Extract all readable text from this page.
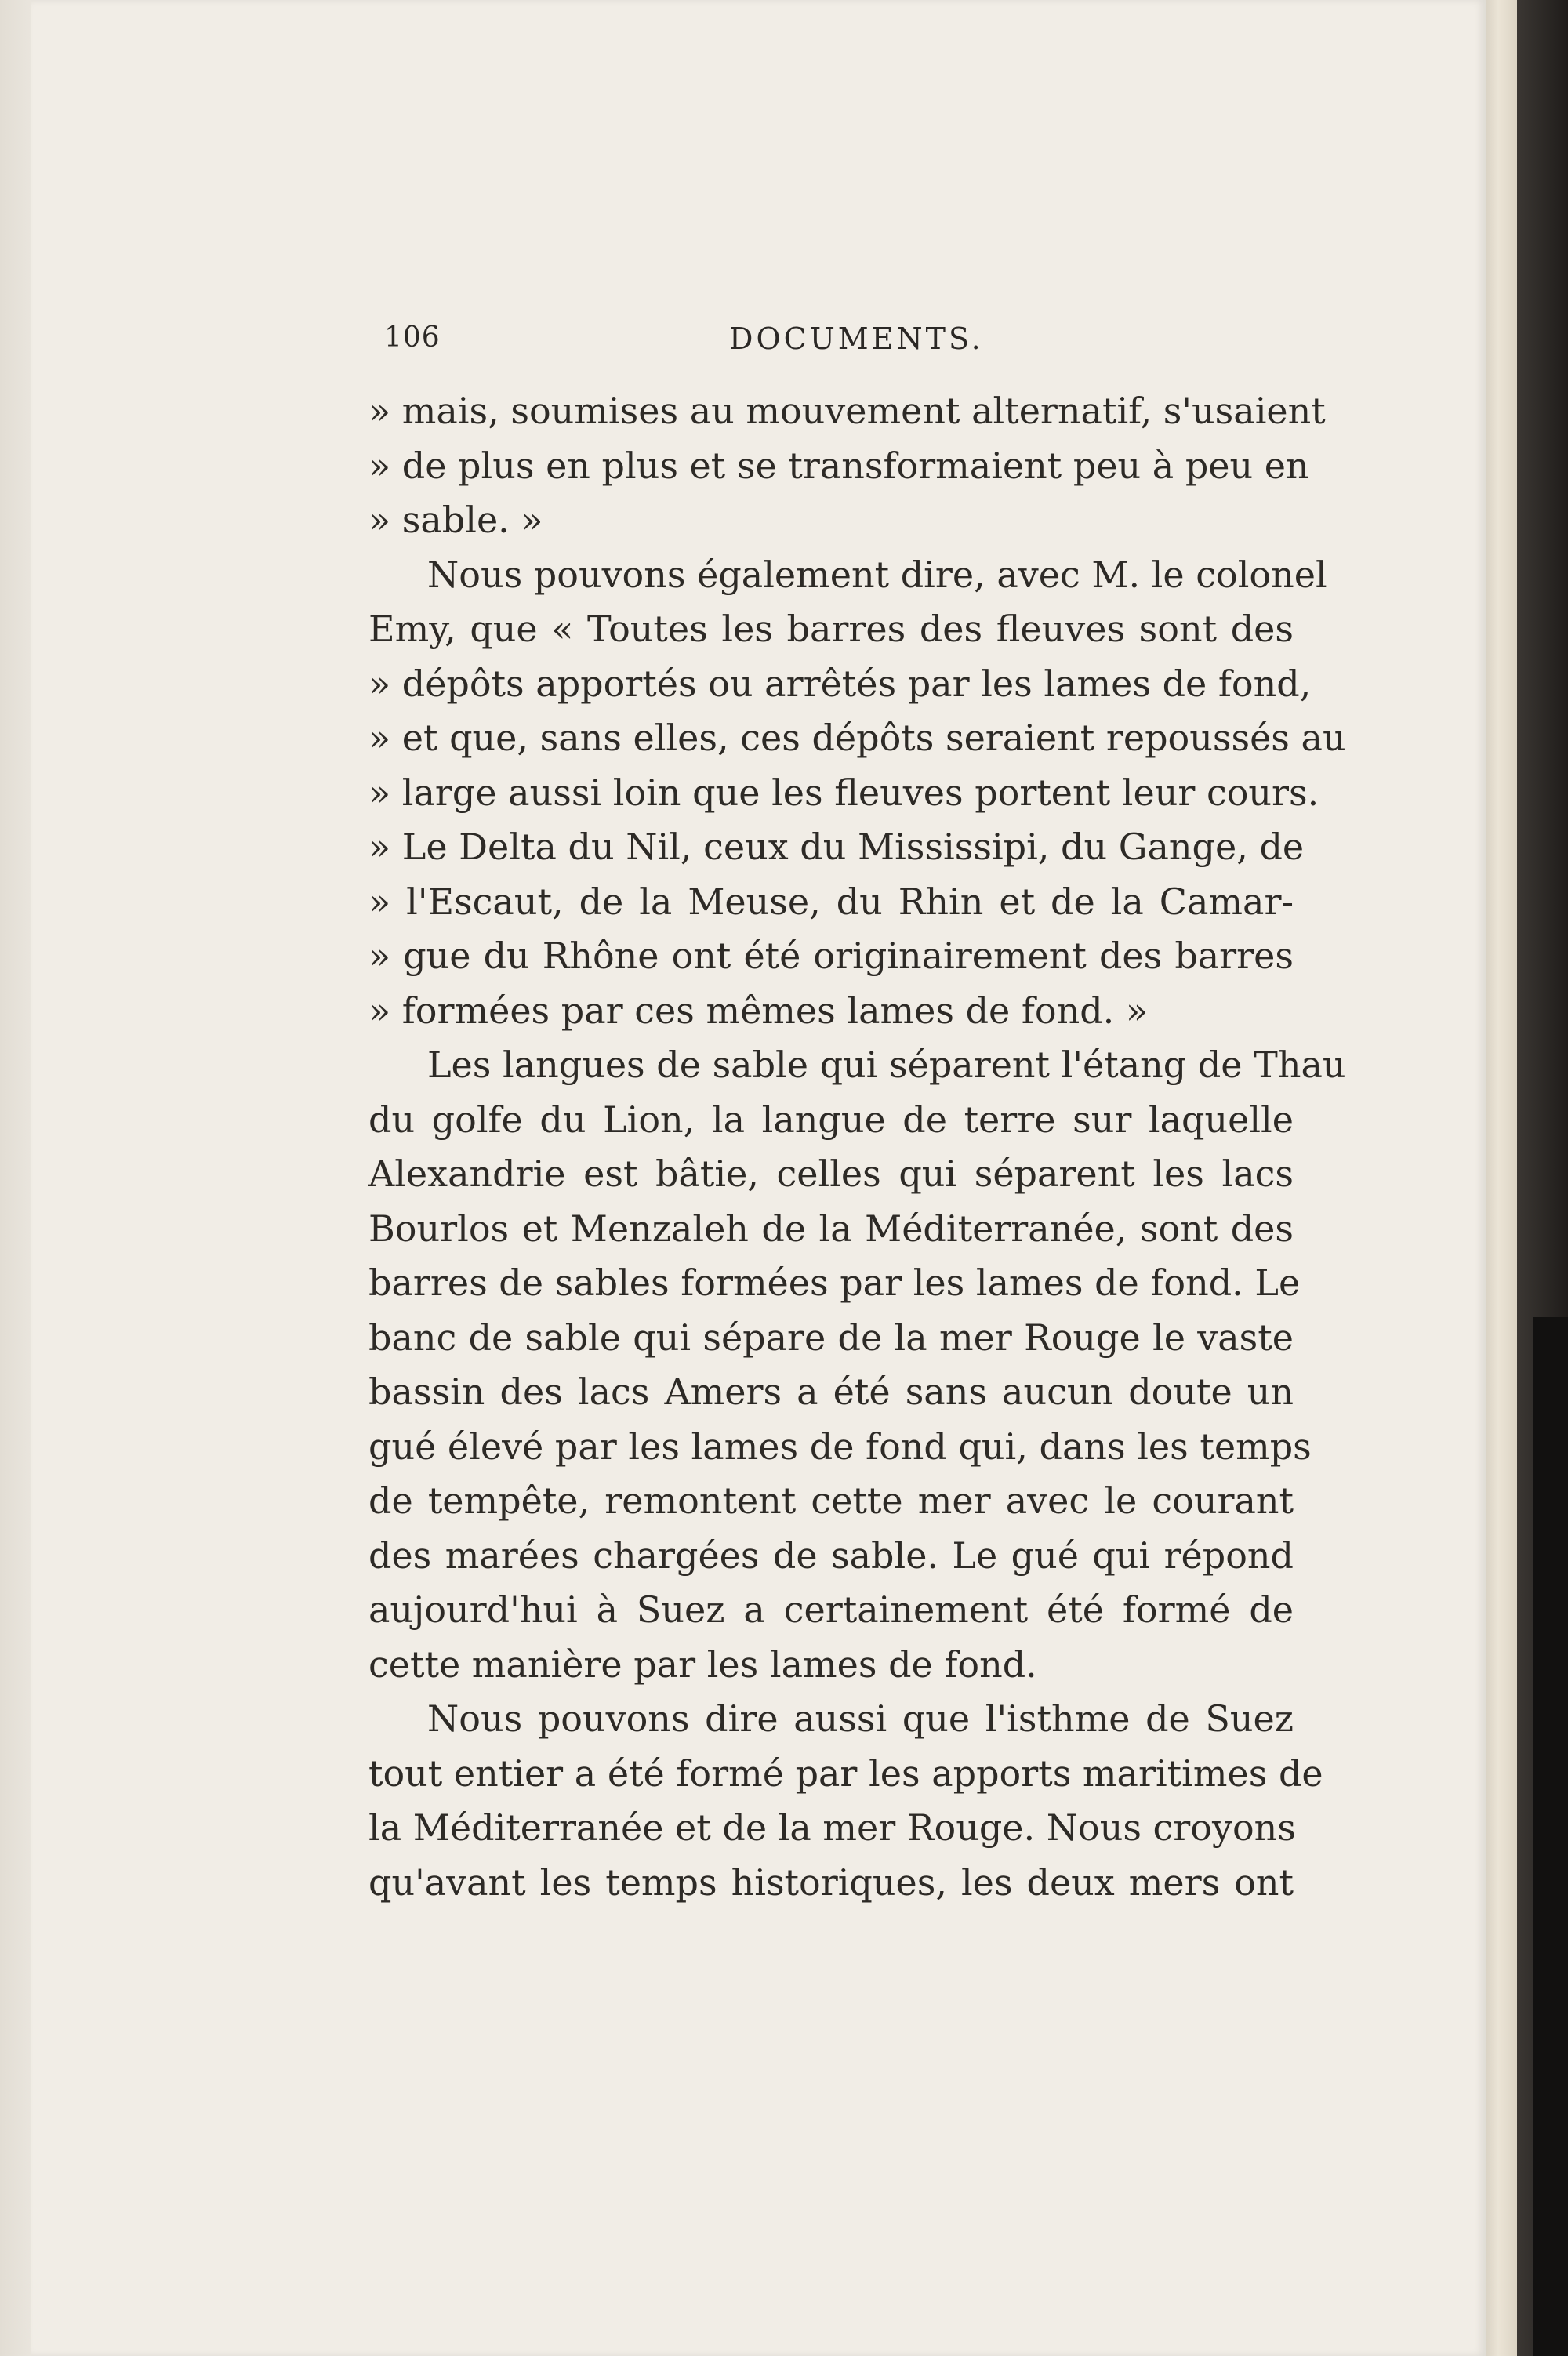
106	DOCUMENTS.
» mais, soumises au mouvement alternatif, s'usaient
» de plus en plus et se transformaient peu à peu en
» sable. »
Nous pouvons également dire, avec M. le colonel
Emy, que « Toutes les barres des fleuves sont des
» dépôts apportés ou arrêtés par les lames de fond,
» et que, sans elles, ces dépôts seraient repoussés au
» large aussi loin que les fleuves portent leur cours.
» Le Delta du Nil, ceux du Mississipi, du Gange, de
» l'Escaut, de la Meuse, du Rhin et de la Camar-
» gue du Rhône ont été originairement des barres
» formées par ces mêmes lames de fond. »
Les langues de sable qui séparent l'étang de Thau
du golfe du Lion, la langue de terre sur laquelle
Alexandrie est bâtie, celles qui séparent les lacs
Bourlos et Menzaleh de la Méditerranée, sont des
barres de sables formées par les lames de fond. Le
banc de sable qui sépare de la mer Rouge le vaste
bassin des lacs Amers a été sans aucun doute un
gué élevé par les lames de fond qui, dans les temps
de tempête, remontent cette mer avec le courant
des marées chargées de sable. Le gué qui répond
aujourd'hui à Suez a certainement été formé de
cette manière par les lames de fond.
Nous pouvons dire aussi que l'isthme de Suez
tout entier a été formé par les apports maritimes de
la Méditerranée et de la mer Rouge. Nous croyons
qu'avant les temps historiques, les deux mers ont
